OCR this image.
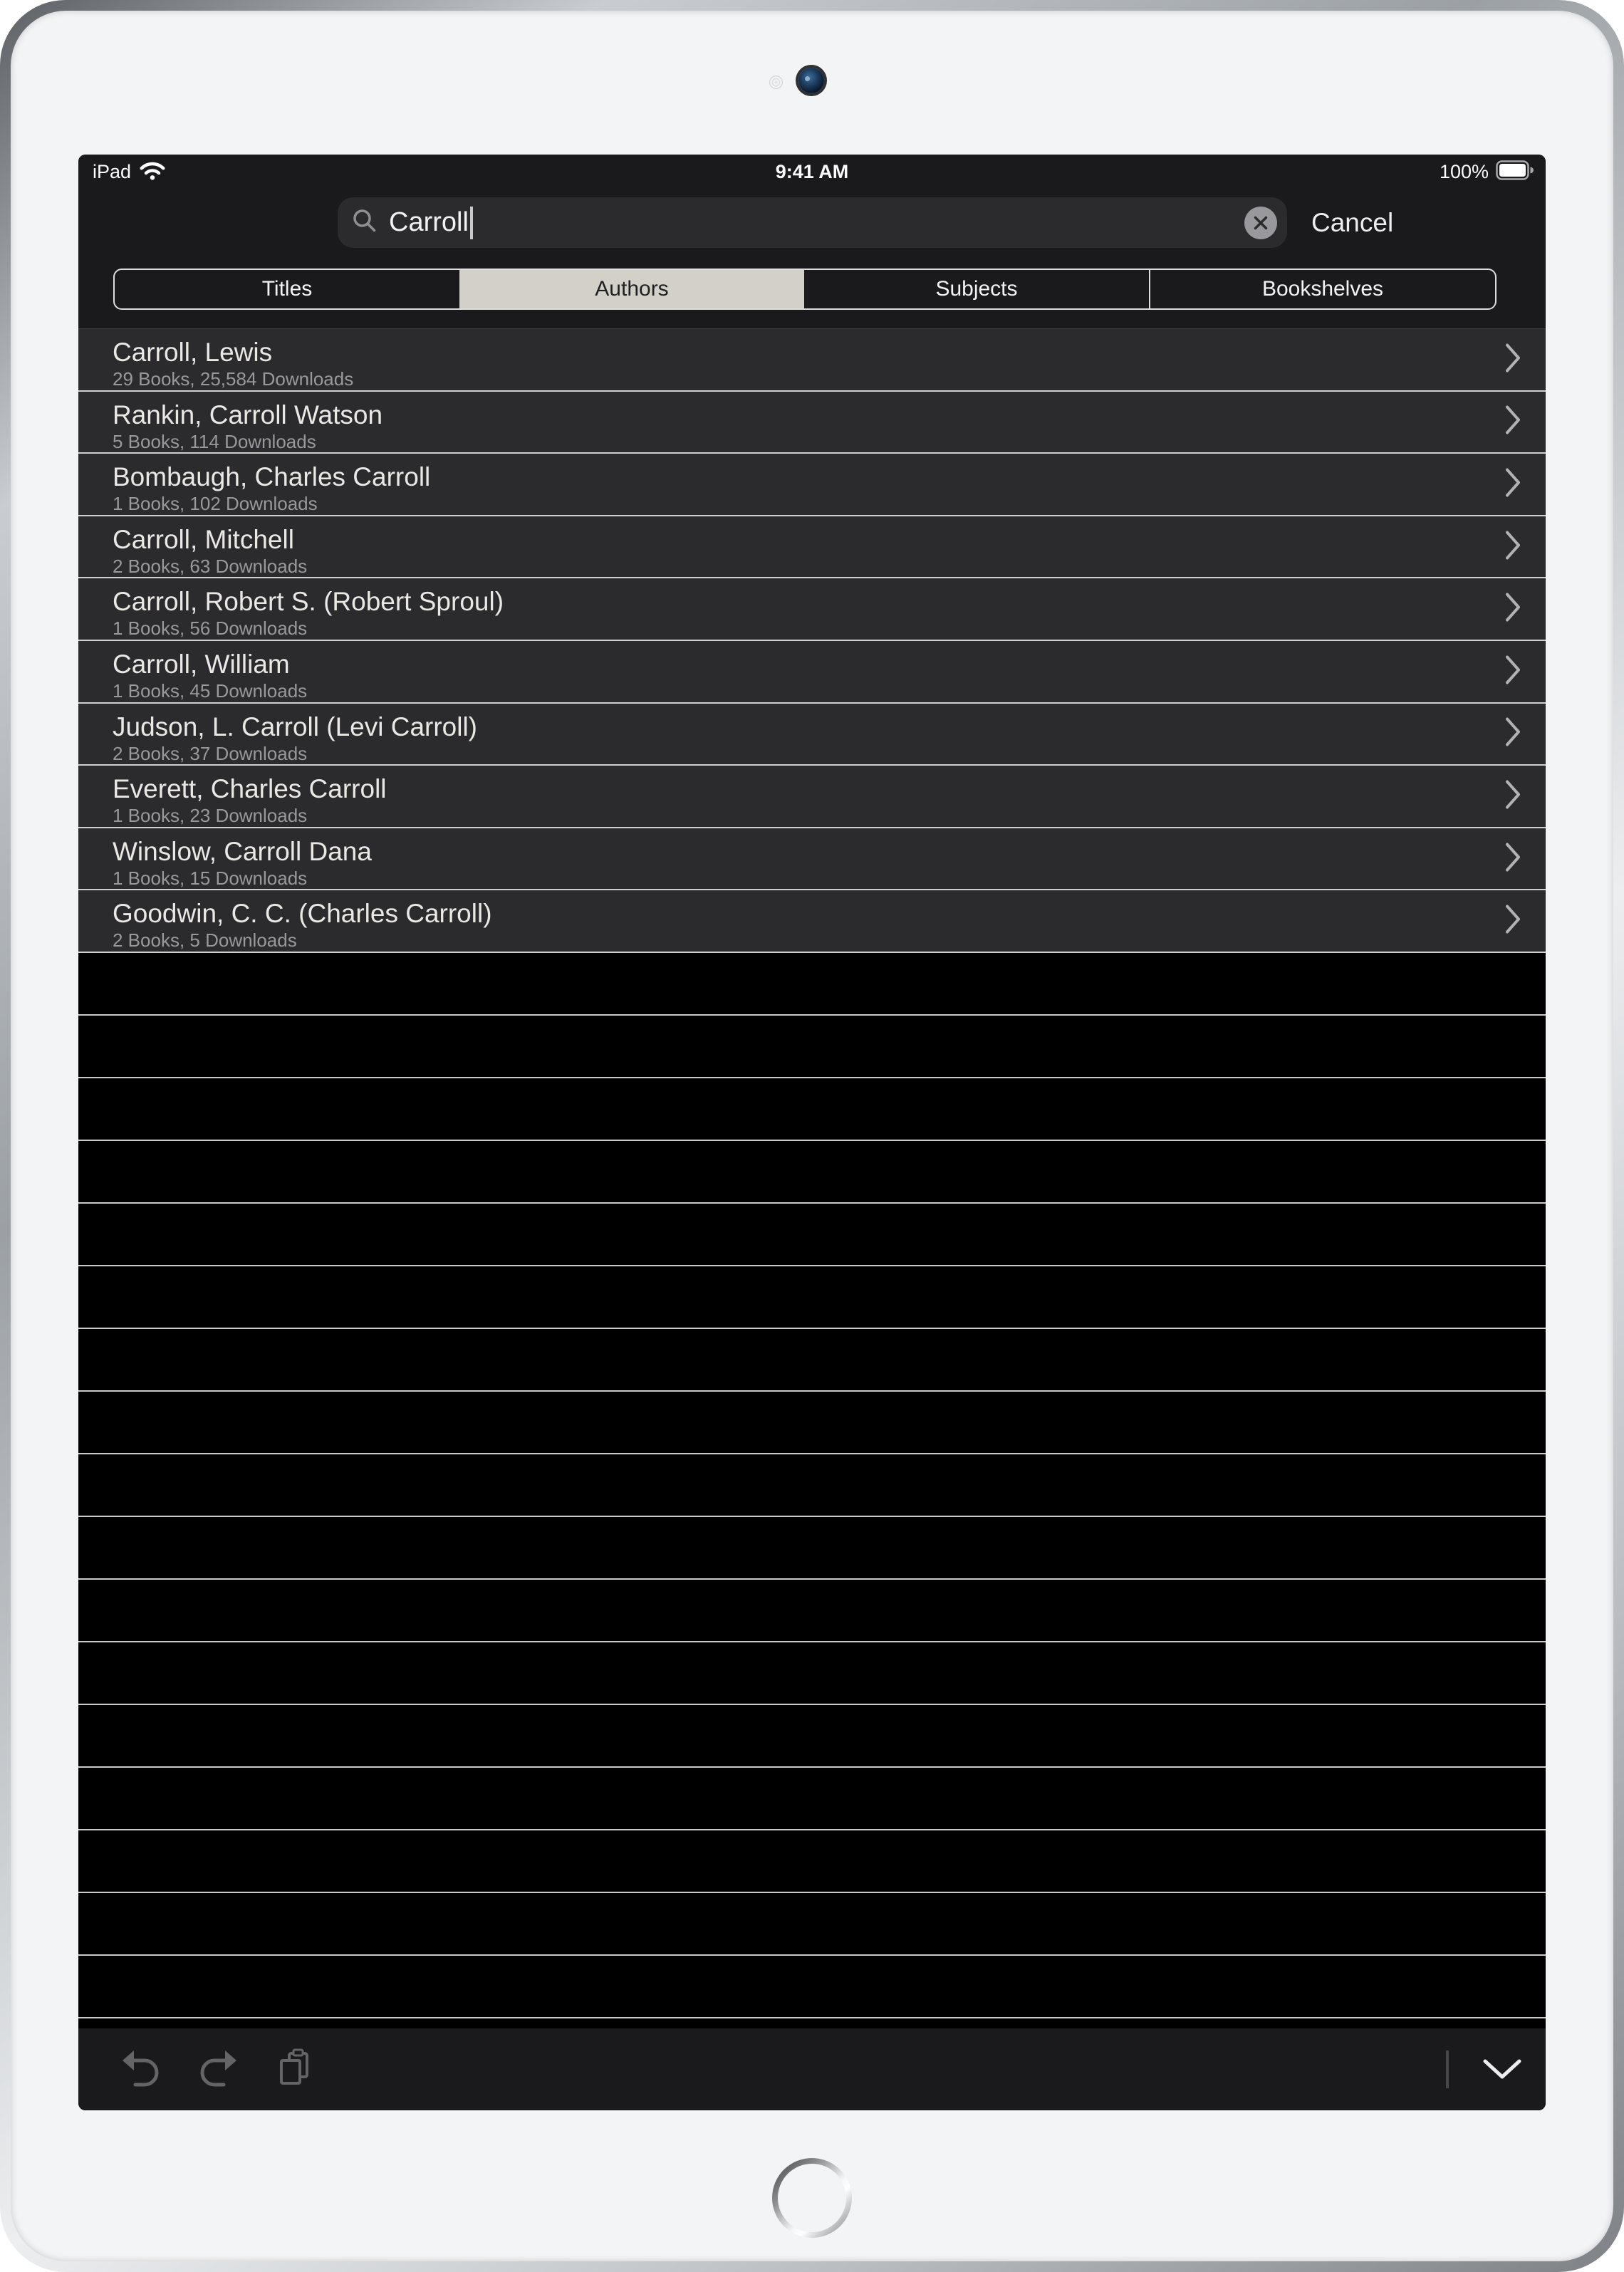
iPad	9:41 AM	100%
Carroll	Cancel
Titles	Authors	Subjects	Bookshelves
Carroll, Lewis
29 Books, 25,584 Downloads
Rankin, Carroll Watson
5 Books, 114 Downloads
Bombaugh, Charles Carroll
1 Books, 102 Downloads
Carroll, Mitchell
2 Books, 63 Downloads
Carroll, Robert S. (Robert Sproul)
1 Books, 56 Downloads
Carroll, William
1 Books, 45 Downloads
Judson, L. Carroll (Levi Carroll)
2 Books, 37 Downloads
Everett, Charles Carroll
1 Books, 23 Downloads
Winslow, Carroll Dana
1 Books, 15 Downloads
Goodwin, C. C. (Charles Carroll)
2 Books, 5 Downloads
